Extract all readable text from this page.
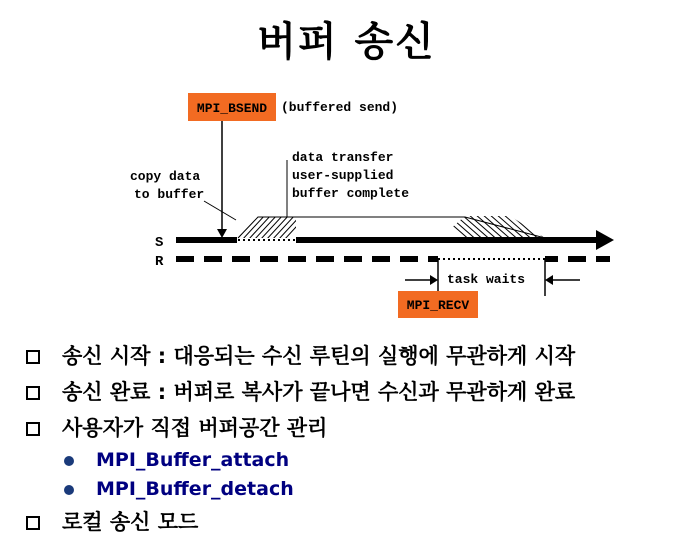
버퍼 송신
MPI_BSEND (buffered send)
copy data
to buffer
data transfer
user-supplied
buffer complete
S
R
task waits
MPI_RECV
송신 시작 : 대응되는 수신 루틴의 실행에 무관하게 시작
송신 완료 : 버퍼로 복사가 끝나면 수신과 무관하게 완료
사용자가 직접 버퍼공간 관리
MPI_Buffer_attach
MPI_Buffer_detach
로컬 송신 모드
